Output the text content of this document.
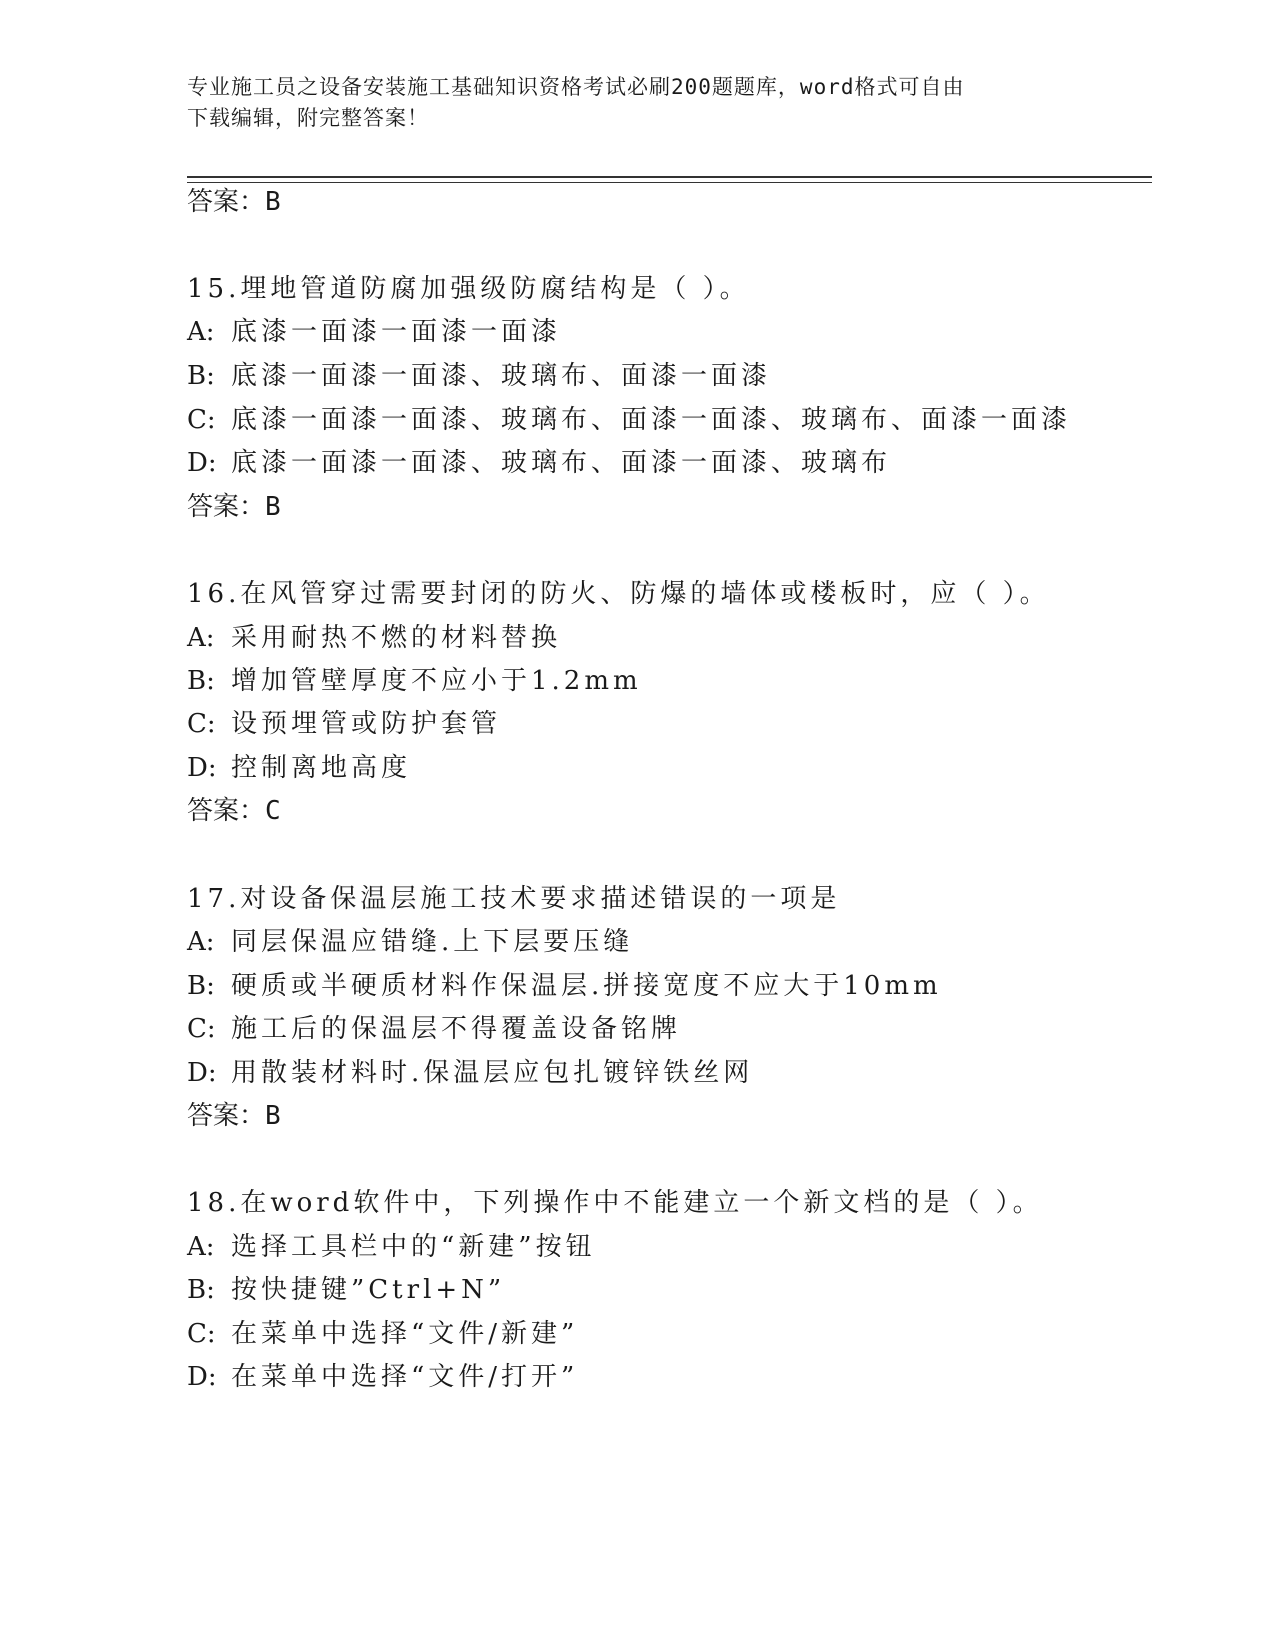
专业施工员之设备安装施工基础知识资格考试必刷200题题库，word格式可自由
下载编辑，附完整答案！
答案：B
15.埋地管道防腐加强级防腐结构是（ ）。
A: 底漆一面漆一面漆一面漆
B: 底漆一面漆一面漆、玻璃布、面漆一面漆
C: 底漆一面漆一面漆、玻璃布、面漆一面漆、玻璃布、面漆一面漆
D: 底漆一面漆一面漆、玻璃布、面漆一面漆、玻璃布
答案：B
16.在风管穿过需要封闭的防火、防爆的墙体或楼板时，应（ ）。
A: 采用耐热不燃的材料替换
B: 增加管壁厚度不应小于1.2mm
C: 设预埋管或防护套管
D: 控制离地高度
答案：C
17.对设备保温层施工技术要求描述错误的一项是
A: 同层保温应错缝.上下层要压缝
B: 硬质或半硬质材料作保温层.拼接宽度不应大于10mm
C: 施工后的保温层不得覆盖设备铭牌
D: 用散装材料时.保温层应包扎镀锌铁丝网
答案：B
18.在word软件中，下列操作中不能建立一个新文档的是（ ）。
A: 选择工具栏中的“新建”按钮
B: 按快捷键”Ctrl+N”
C: 在菜单中选择“文件/新建”
D: 在菜单中选择“文件/打开”
